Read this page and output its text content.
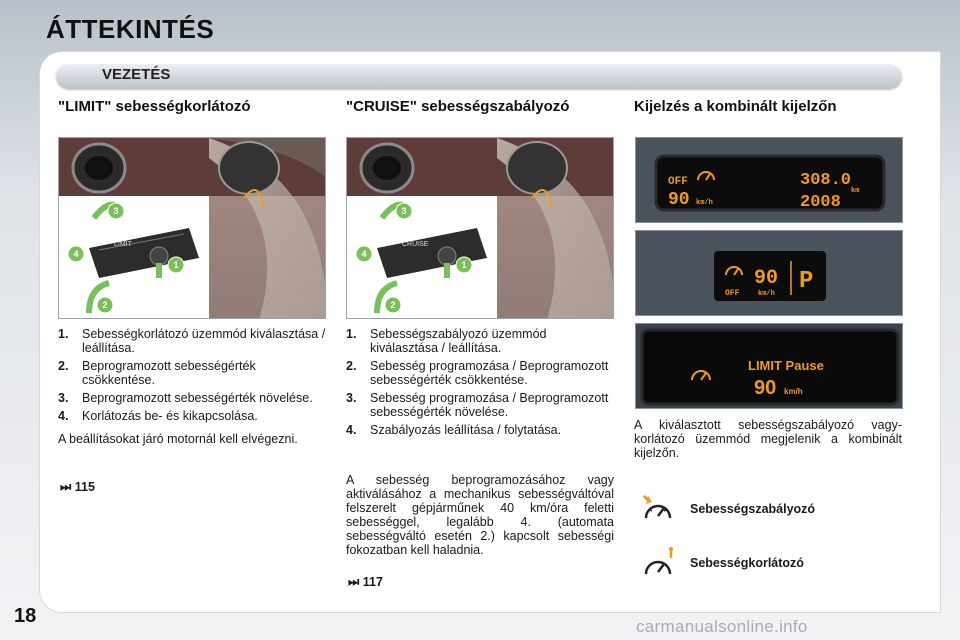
ÁTTEKINTÉS
VEZETÉS
"LIMIT" sebességkorlátozó	"CRUISE" sebességszabályozó	Kijelzés a kombinált kijelzőn
LIMIT
1
2
3
4
CRUISE
1
2
3
4
OFF
90 km/h
308.0
km
2008
OFF
90
km/h P
LIMIT Pause
90 km/h
1. Sebességkorlátozó üzemmód kiválasztása / leállítása.
2. Beprogramozott sebességérték csökkentése.
3. Beprogramozott sebességérték növelése.
4. Korlátozás be- és kikapcsolása.
A beállításokat járó motornál kell elvégezni.
⏭ 115
1. Sebességszabályozó üzemmód kiválasztása / leállítása.
2. Sebesség programozása / Beprogramozott sebességérték csökkentése.
3. Sebesség programozása / Beprogramozott sebességérték növelése.
4. Szabályozás leállítása / folytatása.
A sebesség beprogramozásához vagy aktiválásához a mechanikus sebességváltóval felszerelt gépjárműnek 40 km/óra feletti sebességgel, legalább 4. (automata sebességváltó esetén 2.) kapcsolt sebességi fokozatban kell haladnia.
⏭ 117
A kiválasztott sebességszabályozó vagy-korlátozó üzemmód megjelenik a kombinált kijelzőn.
Sebességszabályozó
Sebességkorlátozó
18	carmanualsonline.info
